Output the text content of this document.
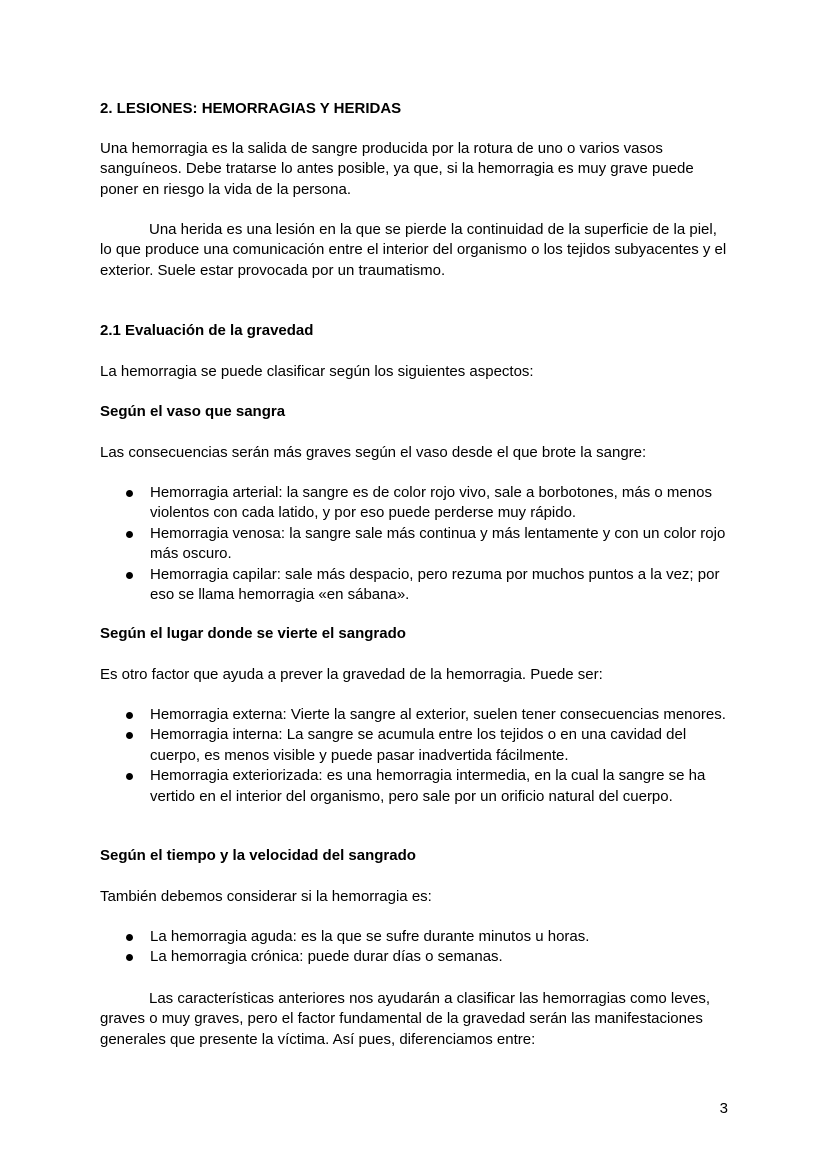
2. LESIONES: HEMORRAGIAS Y HERIDAS

Una hemorragia es la salida de sangre producida por la rotura de uno o varios vasos sanguíneos. Debe tratarse lo antes posible, ya que, si la hemorragia es muy grave puede poner en riesgo la vida de la persona.

Una herida es una lesión en la que se pierde la continuidad de la superficie de la piel, lo que produce una comunicación entre el interior del organismo o los tejidos subyacentes y el exterior. Suele estar provocada por un traumatismo.

2.1 Evaluación de la gravedad

La hemorragia se puede clasificar según los siguientes aspectos:

Según el vaso que sangra

Las consecuencias serán más graves según el vaso desde el que brote la sangre:

Hemorragia arterial: la sangre es de color rojo vivo, sale a borbotones, más o menos violentos con cada latido, y por eso puede perderse muy rápido.
Hemorragia venosa: la sangre sale más continua y más lentamente y con un color rojo más oscuro.
Hemorragia capilar: sale más despacio, pero rezuma por muchos puntos a la vez; por eso se llama hemorragia «en sábana».
Según el lugar donde se vierte el sangrado

Es otro factor que ayuda a prever la gravedad de la hemorragia. Puede ser:

Hemorragia externa: Vierte la sangre al exterior, suelen tener consecuencias menores.
Hemorragia interna: La sangre se acumula entre los tejidos o en una cavidad del cuerpo, es menos visible y puede pasar inadvertida fácilmente.
Hemorragia exteriorizada: es una hemorragia intermedia, en la cual la sangre se ha vertido en el interior del organismo, pero sale por un orificio natural del cuerpo.
Según el tiempo y la velocidad del sangrado

También debemos considerar si la hemorragia es:

La hemorragia aguda: es la que se sufre durante minutos u horas.
La hemorragia crónica: puede durar días o semanas.

Las características anteriores nos ayudarán a clasificar las hemorragias como leves, graves o muy graves, pero el factor fundamental de la gravedad serán las manifestaciones generales que presente la víctima. Así pues, diferenciamos entre:

3
